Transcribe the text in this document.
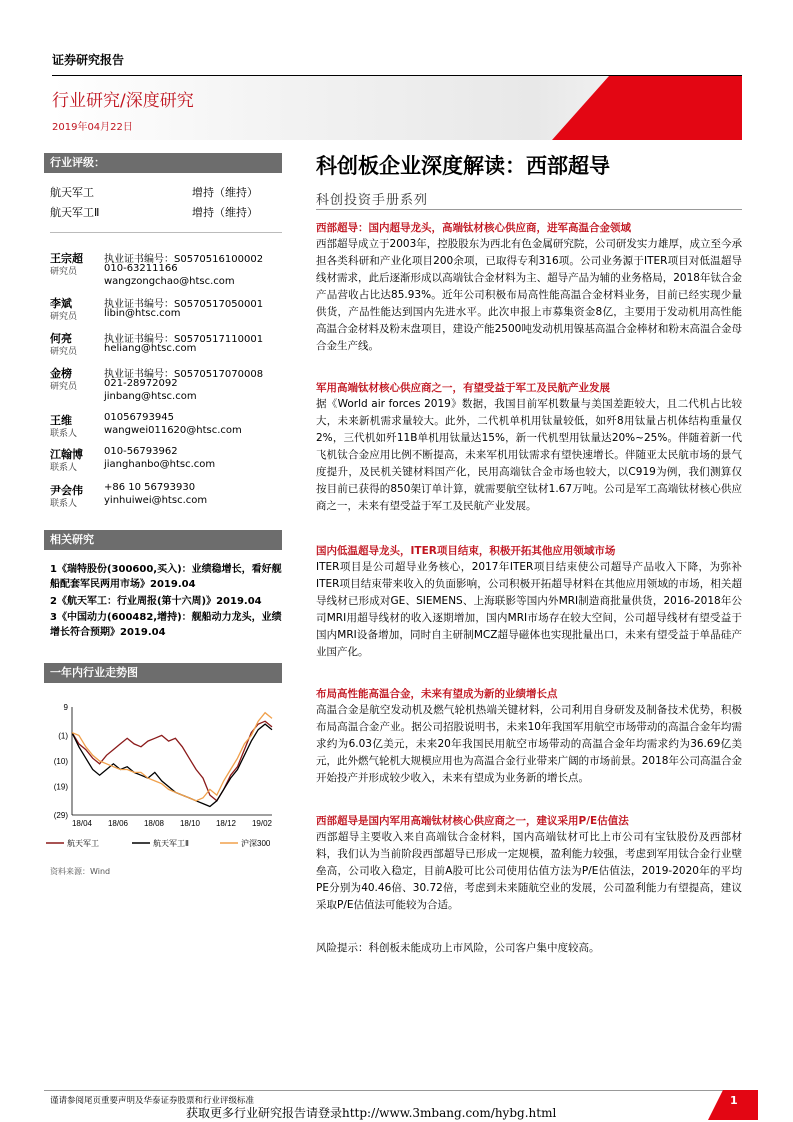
证券研究报告
行业研究/深度研究
2019年04月22日
行业评级：
航天军工	增持（维持）
航天军工Ⅱ	增持（维持）
王宗超
研究员
执业证书编号：S0570516100002
010-63211166
wangzongchao@htsc.com
李斌
研究员
执业证书编号：S0570517050001
libin@htsc.com
何亮
研究员
执业证书编号：S0570517110001
heliang@htsc.com
金榜
研究员
执业证书编号：S0570517070008
021-28972092
jinbang@htsc.com
王维
联系人
01056793945
wangwei011620@htsc.com
江翰博
联系人
010-56793962
jianghanbo@htsc.com
尹会伟
联系人
+86 10 56793930
yinhuiwei@htsc.com
相关研究
1《瑞特股份(300600,买入)：业绩稳增长，看好舰船配套军民两用市场》2019.04
2《航天军工：行业周报(第十六周)》2019.04
3《中国动力(600482,增持)：舰船动力龙头，业绩增长符合预期》2019.04
一年内行业走势图
9
(1)
(10)
(19)
(29)
18/04 18/06 18/08 18/10 18/12 19/02
航天军工	航天军工Ⅱ	沪深300
资料来源：Wind
科创板企业深度解读：西部超导
科创投资手册系列
西部超导：国内超导龙头，高端钛材核心供应商，进军高温合金领域
西部超导成立于2003年，控股股东为西北有色金属研究院，公司研发实力雄厚，成立至今承担各类科研和产业化项目200余项，已取得专利316项。公司业务源于ITER项目对低温超导线材需求，此后逐渐形成以高端钛合金材料为主、超导产品为辅的业务格局，2018年钛合金产品营收占比达85.93%。近年公司积极布局高性能高温合金材料业务，目前已经实现少量供货，产品性能达到国内先进水平。此次申报上市募集资金8亿，主要用于发动机用高性能高温合金材料及粉末盘项目，建设产能2500吨发动机用镍基高温合金棒材和粉末高温合金母合金生产线。
军用高端钛材核心供应商之一，有望受益于军工及民航产业发展
据《World air forces 2019》数据，我国目前军机数量与美国差距较大，且二代机占比较大，未来新机需求量较大。此外，二代机单机用钛量较低，如歼8用钛量占机体结构重量仅2%，三代机如歼11B单机用钛量达15%，新一代机型用钛量达20%~25%。伴随着新一代飞机钛合金应用比例不断提高，未来军机用钛需求有望快速增长。伴随亚太民航市场的景气度提升，及民机关键材料国产化，民用高端钛合金市场也较大，以C919为例，我们测算仅按目前已获得的850架订单计算，就需要航空钛材1.67万吨。公司是军工高端钛材核心供应商之一，未来有望受益于军工及民航产业发展。
国内低温超导龙头，ITER项目结束，积极开拓其他应用领域市场
ITER项目是公司超导业务核心，2017年ITER项目结束使公司超导产品收入下降，为弥补ITER项目结束带来收入的负面影响，公司积极开拓超导材料在其他应用领域的市场，相关超导线材已形成对GE、SIEMENS、上海联影等国内外MRI制造商批量供货，2016-2018年公司MRI用超导线材的收入逐期增加，国内MRI市场存在较大空间，公司超导线材有望受益于国内MRI设备增加，同时自主研制MCZ超导磁体也实现批量出口，未来有望受益于单晶硅产业国产化。
布局高性能高温合金，未来有望成为新的业绩增长点
高温合金是航空发动机及燃气轮机热端关键材料，公司利用自身研发及制备技术优势，积极布局高温合金产业。据公司招股说明书，未来10年我国军用航空市场带动的高温合金年均需求约为6.03亿美元，未来20年我国民用航空市场带动的高温合金年均需求约为36.69亿美元，此外燃气轮机大规模应用也为高温合金行业带来广阔的市场前景。2018年公司高温合金开始投产并形成较少收入，未来有望成为业务新的增长点。
西部超导是国内军用高端钛材核心供应商之一，建议采用P/E估值法
西部超导主要收入来自高端钛合金材料，国内高端钛材可比上市公司有宝钛股份及西部材料，我们认为当前阶段西部超导已形成一定规模，盈利能力较强，考虑到军用钛合金行业壁垒高，公司收入稳定，目前A股可比公司使用估值方法为P/E估值法，2019-2020年的平均PE分别为40.46倍、30.72倍，考虑到未来随航空业的发展，公司盈利能力有望提高，建议采取P/E估值法可能较为合适。
风险提示：科创板未能成功上市风险，公司客户集中度较高。
谨请参阅尾页重要声明及华泰证券股票和行业评级标准
获取更多行业研究报告请登录http://www.3mbang.com/hybg.html
1
